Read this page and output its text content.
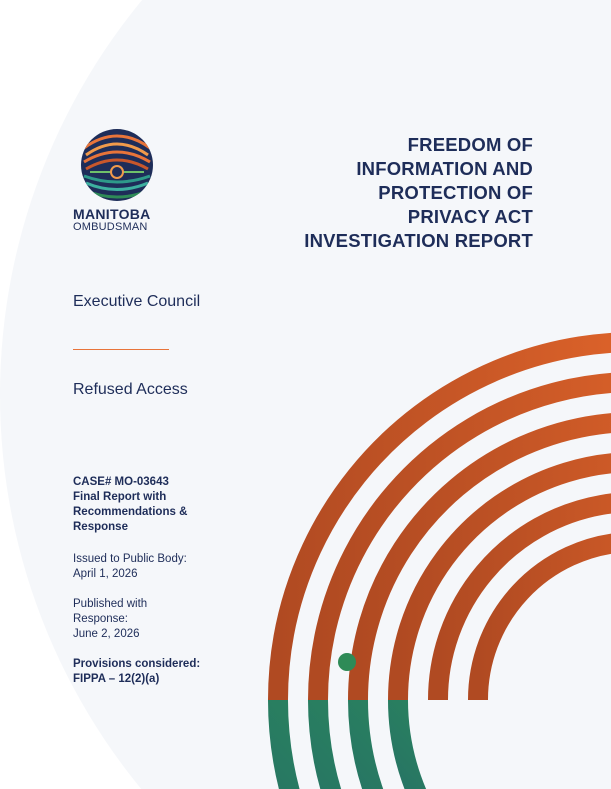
MANITOBA
OMBUDSMAN
FREEDOM OF
INFORMATION AND
PROTECTION OF
PRIVACY ACT
INVESTIGATION REPORT
Executive Council
Refused Access
CASE# MO-03643
Final Report with
Recommendations &
Response
Issued to Public Body:
April 1, 2026
Published with
Response:
June 2, 2026
Provisions considered:
FIPPA – 12(2)(a)
